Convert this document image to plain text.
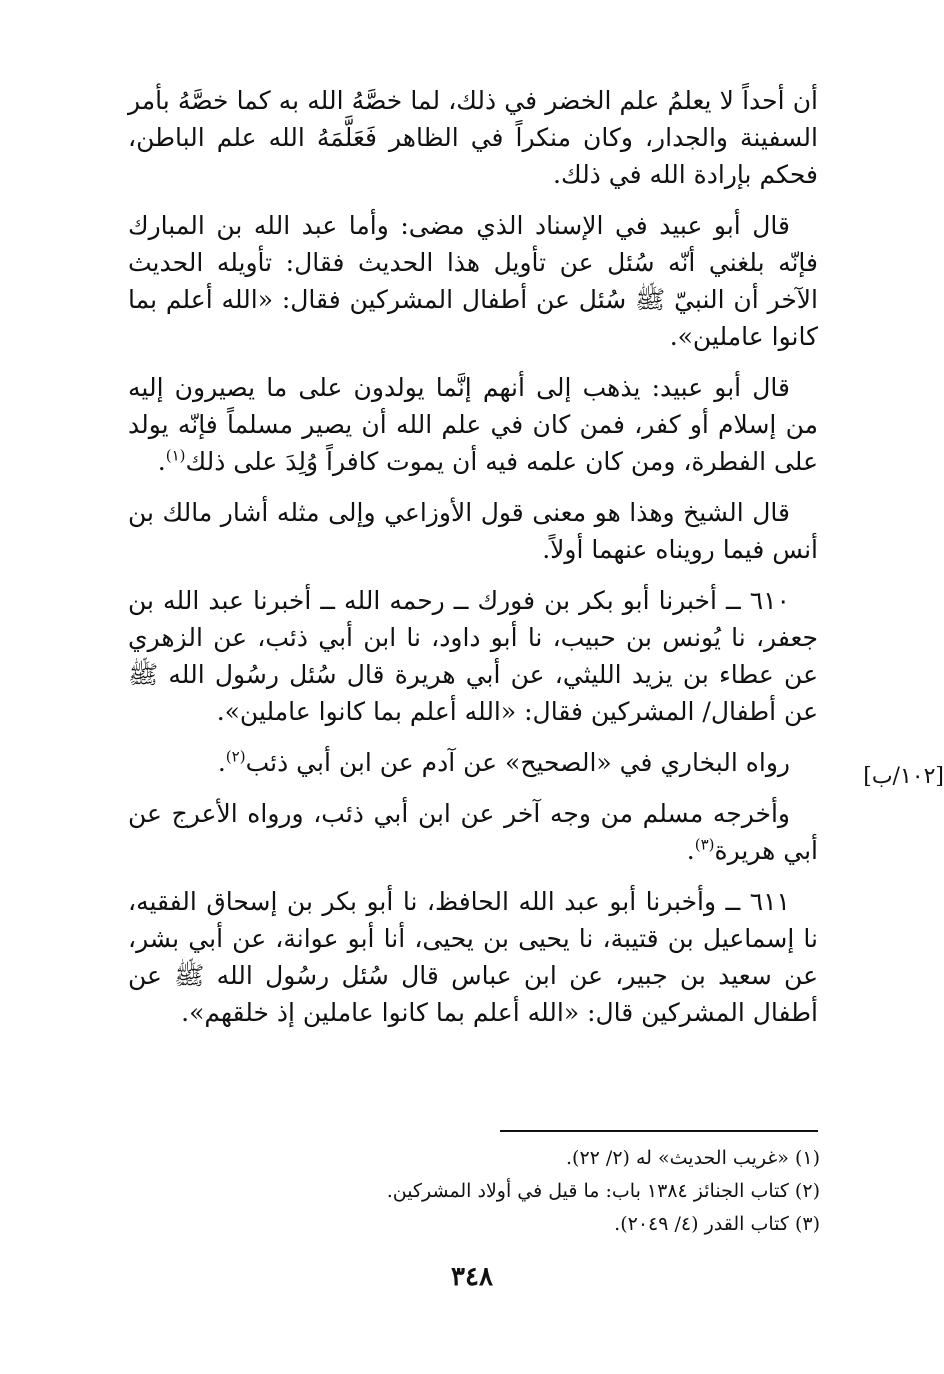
أن أحداً لا يعلمُ علم الخضر في ذلك، لما خصَّهُ الله به كما خصَّهُ بأمر السفينة والجدار، وكان منكراً في الظاهر فَعَلَّمَهُ الله علم الباطن، فحكم بإرادة الله في ذلك.

قال أبو عبيد في الإسناد الذي مضى: وأما عبد الله بن المبارك فإنّه بلغني أنّه سُئل عن تأويل هذا الحديث فقال: تأويله الحديث الآخر أن النبيّ ﷺ سُئل عن أطفال المشركين فقال: «الله أعلم بما كانوا عاملين».

قال أبو عبيد: يذهب إلى أنهم إنَّما يولدون على ما يصيرون إليه من إسلام أو كفر، فمن كان في علم الله أن يصير مسلماً فإنّه يولد على الفطرة، ومن كان علمه فيه أن يموت كافراً وُلِدَ على ذلك$^{(١)}$.

قال الشيخ وهذا هو معنى قول الأوزاعي وإلى مثله أشار مالك بن أنس فيما رويناه عنهما أولاً.

٦١٠ ــ أخبرنا أبو بكر بن فورك ــ رحمه الله ــ أخبرنا عبد الله بن جعفر، نا يُونس بن حبيب، نا أبو داود، نا ابن أبي ذئب، عن الزهري عن عطاء بن يزيد الليثي، عن أبي هريرة قال سُئل رسُول الله ﷺ عن أطفال/ المشركين فقال: «الله أعلم بما كانوا عاملين».

رواه البخاري في «الصحيح» عن آدم عن ابن أبي ذئب$^{(٢)}$.

وأخرجه مسلم من وجه آخر عن ابن أبي ذئب، ورواه الأعرج عن أبي هريرة$^{(٣)}$.

٦١١ ــ وأخبرنا أبو عبد الله الحافظ، نا أبو بكر بن إسحاق الفقيه، نا إسماعيل بن قتيبة، نا يحيى بن يحيى، أنا أبو عوانة، عن أبي بشر، عن سعيد بن جبير، عن ابن عباس قال سُئل رسُول الله ﷺ عن أطفال المشركين قال: «الله أعلم بما كانوا عاملين إذ خلقهم».

[١٠٢/ب]

(١) «غريب الحديث» له (٢/ ٢٢).

(٢) كتاب الجنائز ١٣٨٤ باب: ما قيل في أولاد المشركين.

(٣) كتاب القدر (٤/ ٢٠٤٩).

٣٤٨
